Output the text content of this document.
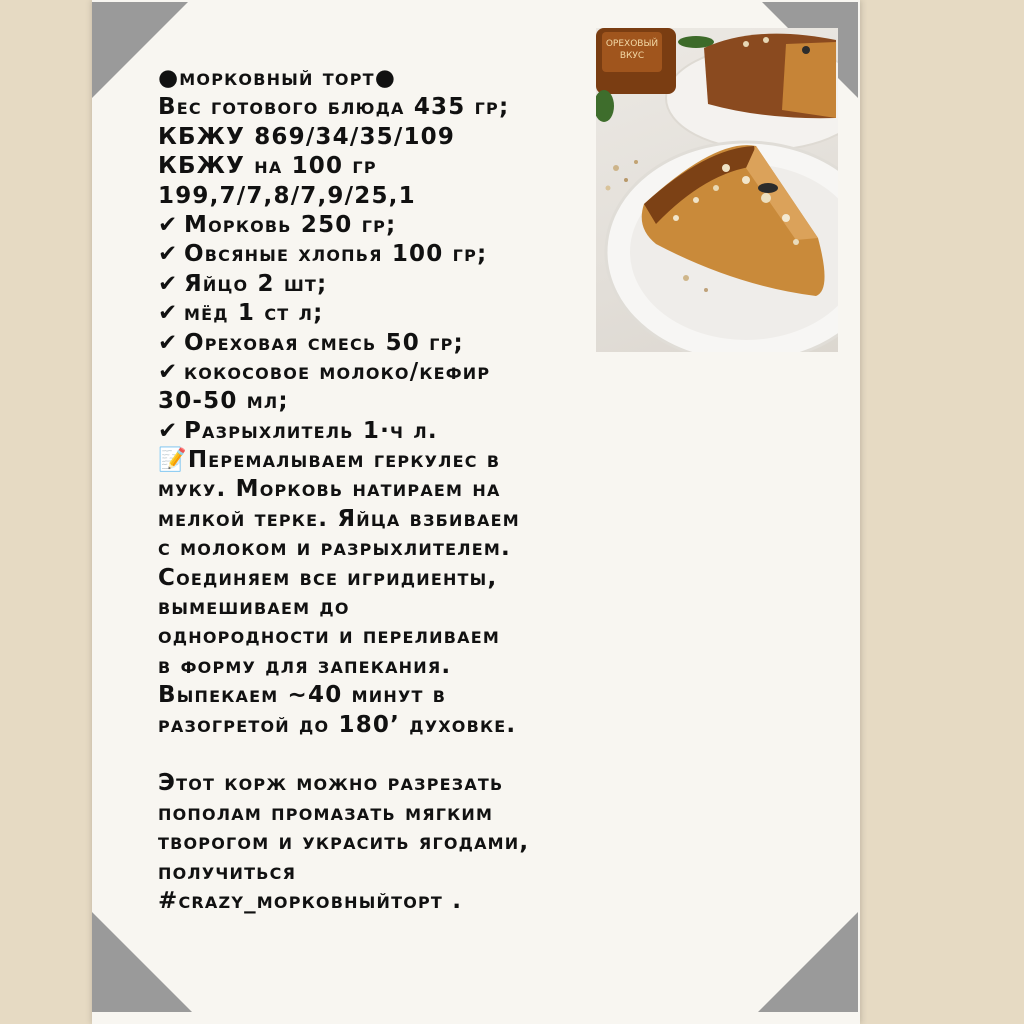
ОРЕХОВЫЙ
ВКУС
●морковный торт●
Вес готового блюда 435 гр;
КБЖУ 869/34/35/109
КБЖУ на 100 гр
199,7/7,8/7,9/25,1
✔ Морковь 250 гр;
✔ Овсяные хлопья 100 гр;
✔ Яйцо 2 шт;
✔ мёд 1 ст л;
✔ Ореховая смесь 50 гр;
✔ кокосовое молоко/кефир
30-50 мл;
✔ Разрыхлитель 1·ч л.
📝Перемалываем геркулес в
муку. Морковь натираем на
мелкой терке. Яйца взбиваем
с молоком и разрыхлителем.
Соединяем все игридиенты,
вымешиваем до
однородности и переливаем
в форму для запекания.
Выпекаем ~40 минут в
разогретой до 180’ духовке.
Этот корж можно разрезать
пополам промазать мягким
творогом и украсить ягодами,
получиться
#crazy_морковныйторт .
